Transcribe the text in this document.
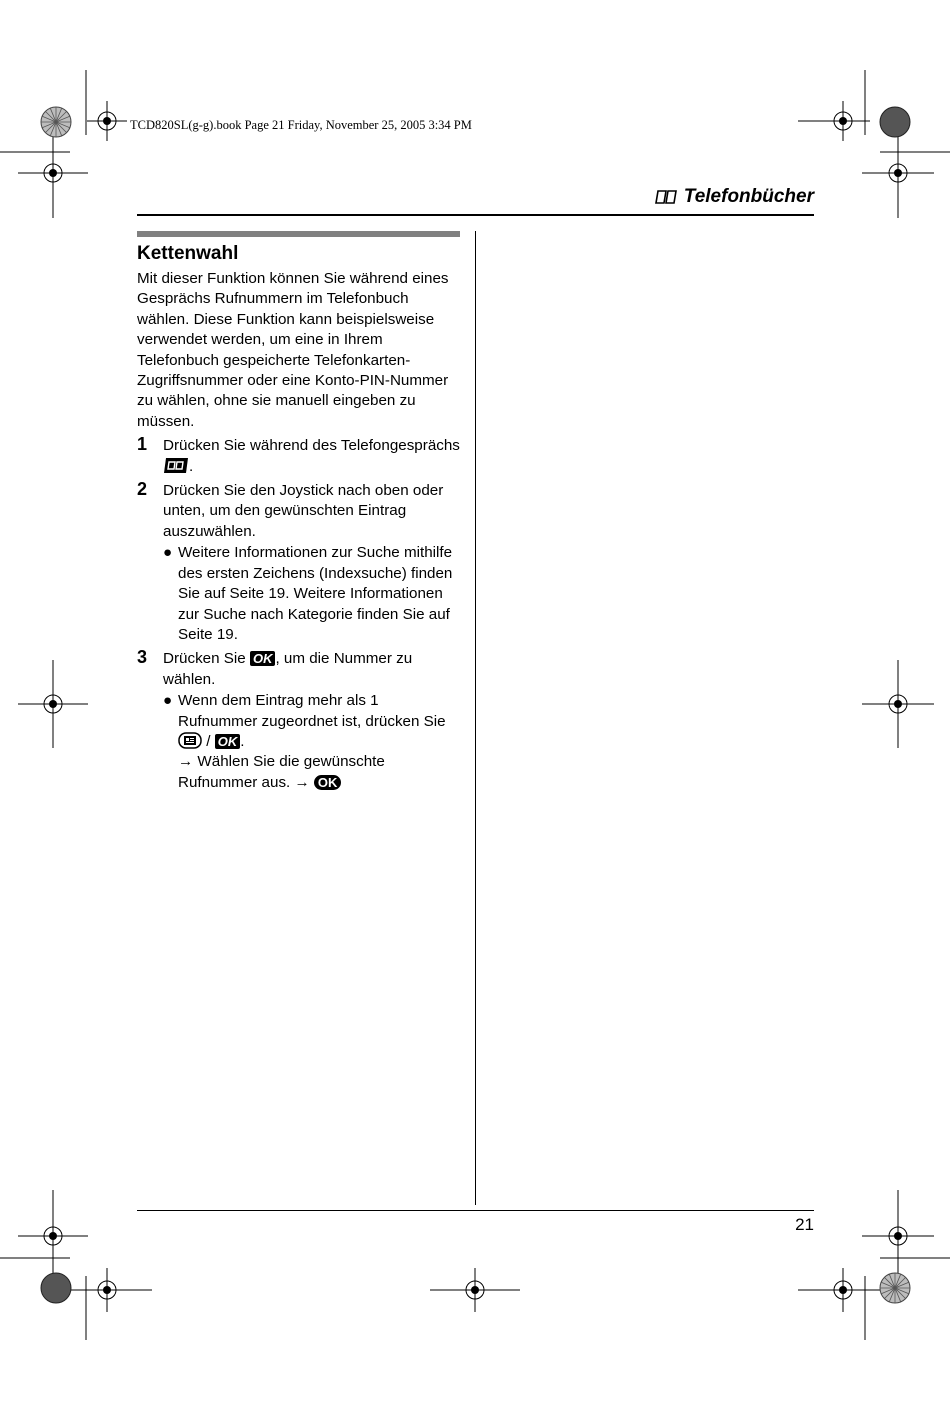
TCD820SL(g-g).book Page 21 Friday, November 25, 2005 3:34 PM
Telefonbücher
Kettenwahl

Mit dieser Funktion können Sie während eines Gesprächs Rufnummern im Telefonbuch wählen. Diese Funktion kann beispielsweise verwendet werden, um eine in Ihrem Telefonbuch gespeicherte Telefonkarten-Zugriffsnummer oder eine Konto-PIN-Nummer zu wählen, ohne sie manuell eingeben zu müssen.

1 Drücken Sie während des Telefongesprächs
.
2 Drücken Sie den Joystick nach oben oder unten, um den gewünschten Eintrag auszuwählen.
● Weitere Informationen zur Suche mithilfe des ersten Zeichens (Indexsuche) finden Sie auf Seite 19. Weitere Informationen zur Suche nach Kategorie finden Sie auf Seite 19.
3 Drücken Sie OK , um die Nummer zu wählen.
● Wenn dem Eintrag mehr als 1 Rufnummer zugeordnet ist, drücken Sie  / OK .
→ Wählen Sie die gewünschte Rufnummer aus. → OK
21
